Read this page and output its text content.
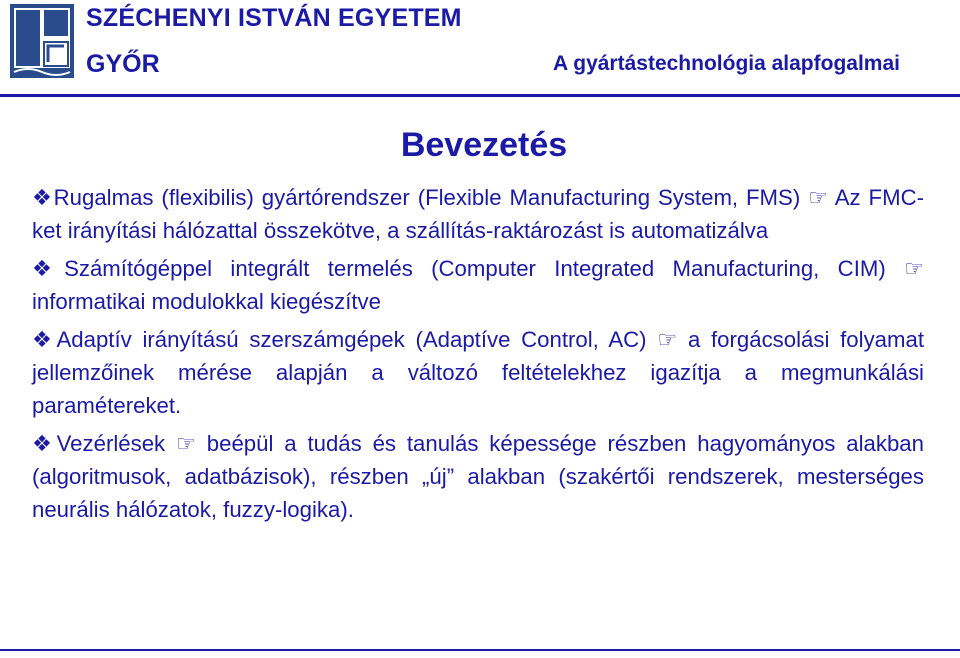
SZÉCHENYI ISTVÁN EGYETEM
GYŐR	A gyártástechnológia alapfogalmai
Bevezetés

❖Rugalmas (flexibilis) gyártórendszer (Flexible Manufacturing System, FMS) ☞ Az FMC-ket irányítási hálózattal összekötve, a szállítás-raktározást is automatizálva

❖Számítógéppel integrált termelés (Computer Integrated Manufacturing, CIM) ☞ informatikai modulokkal kiegészítve

❖Adaptív irányítású szerszámgépek (Adaptíve Control, AC) ☞ a forgácsolási folyamat jellemzőinek mérése alapján a változó feltételekhez igazítja a megmunkálási paramétereket.

❖Vezérlések ☞ beépül a tudás és tanulás képessége részben hagyományos alakban (algoritmusok, adatbázisok), részben „új” alakban (szakértői rendszerek, mesterséges neurális hálózatok, fuzzy-logika).
